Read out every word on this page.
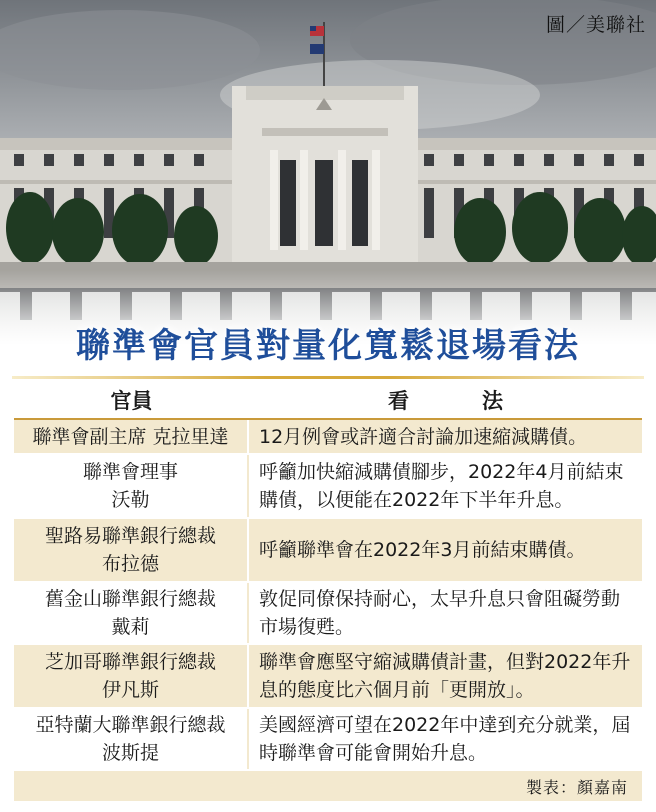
圖／美聯社
聯準會官員對量化寬鬆退場看法
官員	看　法
聯準會副主席 克拉里達	12月例會或許適合討論加速縮減購債。
聯準會理事
沃勒
呼籲加快縮減購債腳步，2022年4月前結束購債，以便能在2022年下半年升息。
聖路易聯準銀行總裁
布拉德
呼籲聯準會在2022年3月前結束購債。
舊金山聯準銀行總裁
戴莉
敦促同僚保持耐心，太早升息只會阻礙勞動市場復甦。
芝加哥聯準銀行總裁
伊凡斯
聯準會應堅守縮減購債計畫，但對2022年升息的態度比六個月前「更開放」。
亞特蘭大聯準銀行總裁
波斯提
美國經濟可望在2022年中達到充分就業，屆時聯準會可能會開始升息。
製表：顏嘉南
